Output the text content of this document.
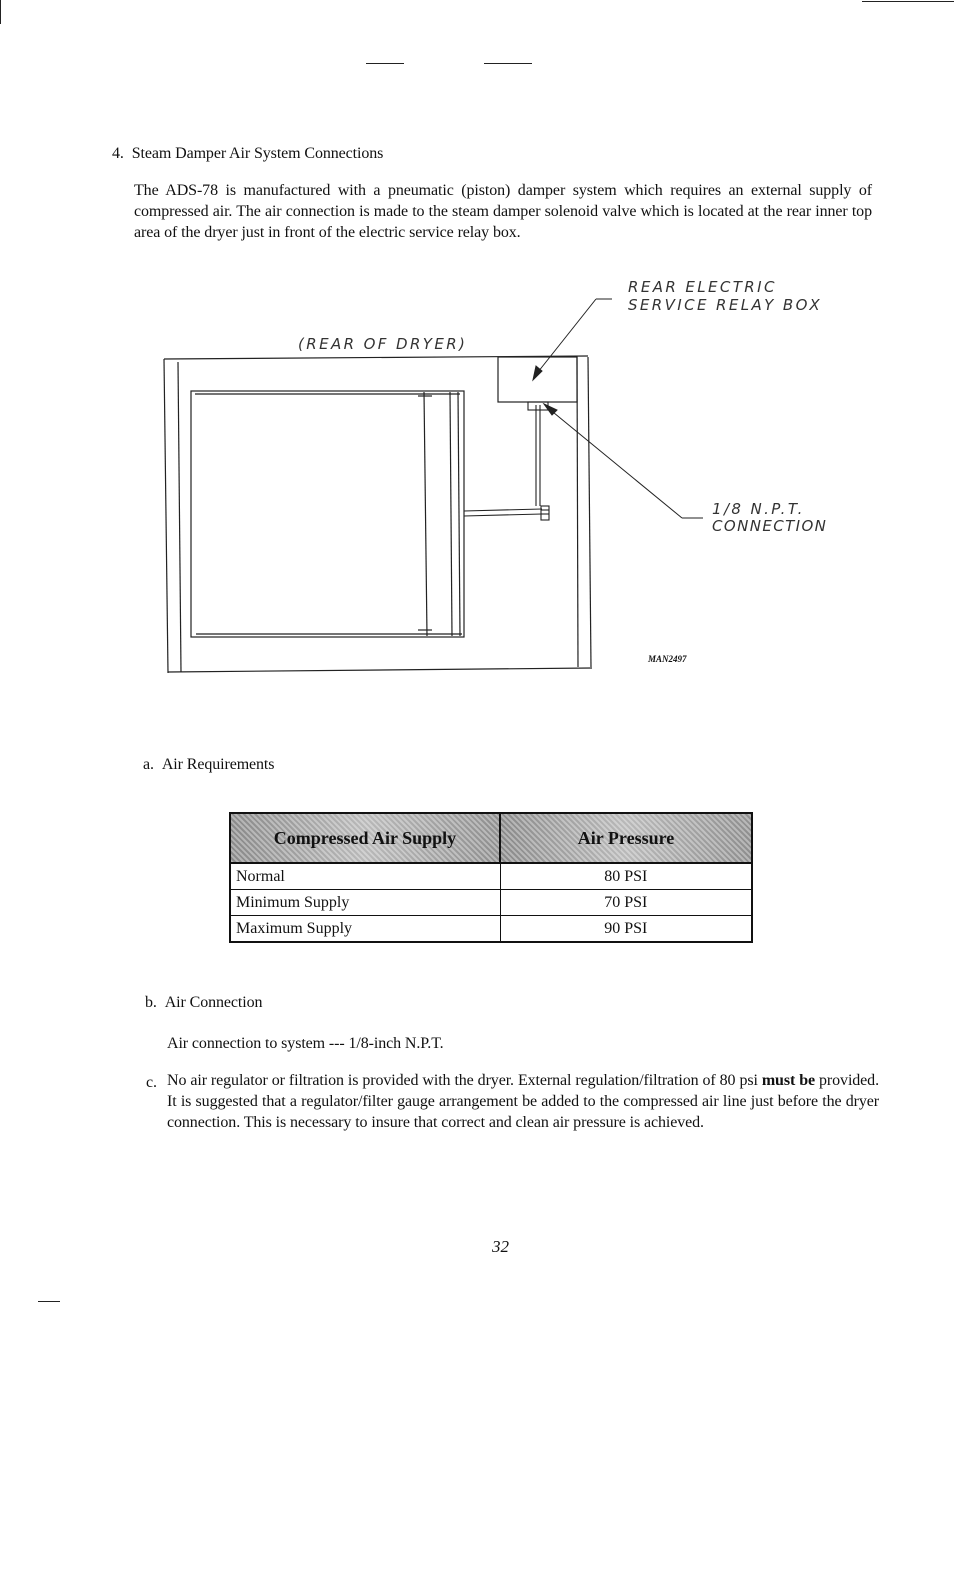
4. Steam Damper Air System Connections
The ADS-78 is manufactured with a pneumatic (piston) damper system which requires an external supply of compressed air. The air connection is made to the steam damper solenoid valve which is located at the rear inner top area of the dryer just in front of the electric service relay box.
(REAR OF DRYER)
REAR ELECTRIC
SERVICE RELAY BOX
1/8 N.P.T.
CONNECTION
MAN2497
a. Air Requirements
Compressed Air Supply	Air Pressure
Normal	80 PSI
Minimum Supply	70 PSI
Maximum Supply	90 PSI
b. Air Connection
Air connection to system --- 1/8-inch N.P.T.
c. No air regulator or filtration is provided with the dryer. External regulation/filtration of 80 psi must be provided. It is suggested that a regulator/filter gauge arrangement be added to the compressed air line just before the dryer connection. This is necessary to insure that correct and clean air pressure is achieved.
32
